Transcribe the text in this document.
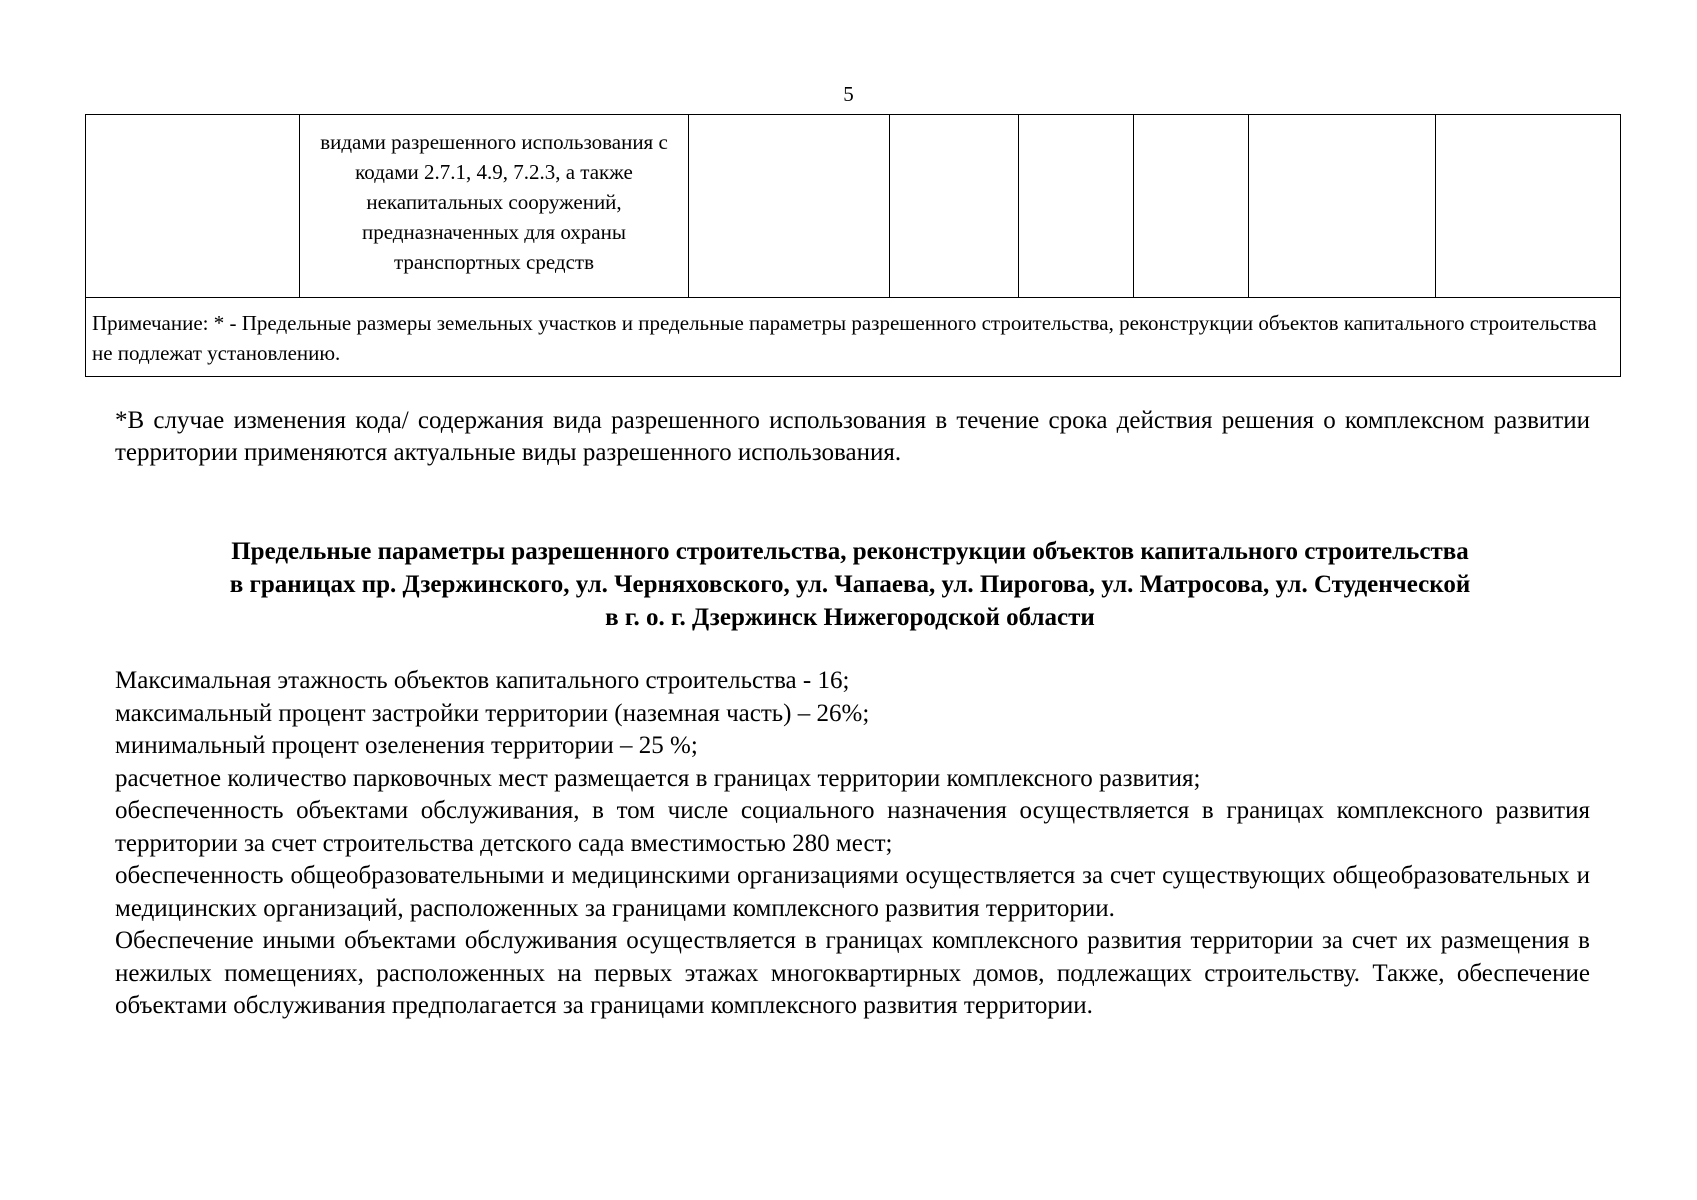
5

видами разрешенного использования с кодами 2.7.1, 4.9, 7.2.3, а также некапитальных сооружений, предназначенных для охраны транспортных средств

Примечание: * - Предельные размеры земельных участков и предельные параметры разрешенного строительства, реконструкции объектов капитального строительства не подлежат установлению.
*В случае изменения кода/ содержания вида разрешенного использования в течение срока действия решения о комплексном развитии территории применяются актуальные виды разрешенного использования.
Предельные параметры разрешенного строительства, реконструкции объектов капитального строительства
в границах пр. Дзержинского, ул. Черняховского, ул. Чапаева, ул. Пирогова, ул. Матросова, ул. Студенческой
в г. о. г. Дзержинск Нижегородской области

Максимальная этажность объектов капитального строительства - 16;

максимальный процент застройки территории (наземная часть) – 26%;

минимальный процент озеленения территории – 25 %;

расчетное количество парковочных мест размещается в границах территории комплексного развития;

обеспеченность объектами обслуживания, в том числе социального назначения осуществляется в границах комплексного развития территории за счет строительства детского сада вместимостью 280 мест;

обеспеченность общеобразовательными и медицинскими организациями осуществляется за счет существующих общеобразовательных и медицинских организаций, расположенных за границами комплексного развития территории.

Обеспечение иными объектами обслуживания осуществляется в границах комплексного развития территории за счет их размещения в нежилых помещениях, расположенных на первых этажах многоквартирных домов, подлежащих строительству. Также, обеспечение объектами обслуживания предполагается за границами комплексного развития территории.
